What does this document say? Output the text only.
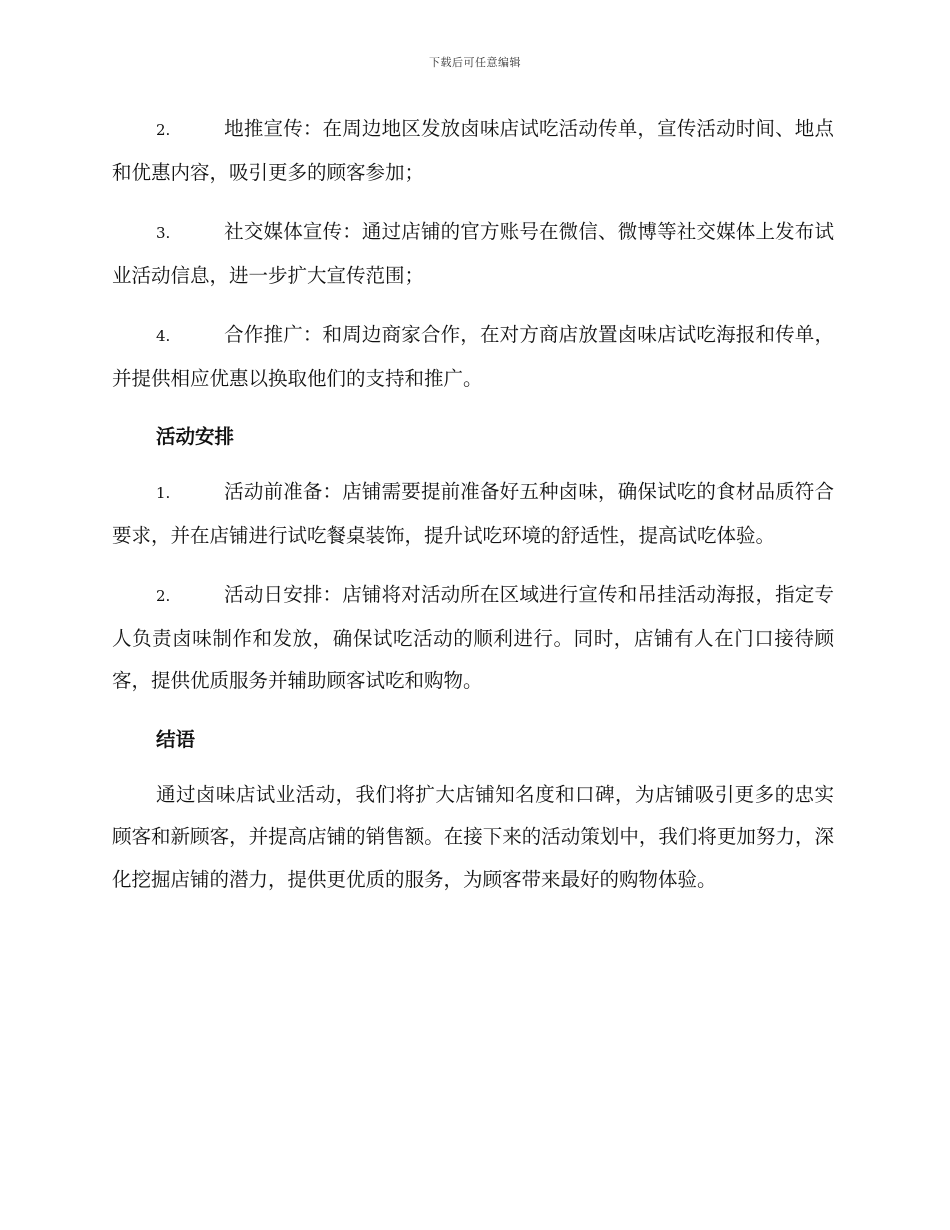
下载后可任意编辑

2.	地推宣传：在周边地区发放卤味店试吃活动传单，宣传活动时间、地点和优惠内容，吸引更多的顾客参加；

3.	社交媒体宣传：通过店铺的官方账号在微信、微博等社交媒体上发布试业活动信息，进一步扩大宣传范围；

4.	合作推广：和周边商家合作，在对方商店放置卤味店试吃海报和传单，并提供相应优惠以换取他们的支持和推广。

活动安排

1.	活动前准备：店铺需要提前准备好五种卤味，确保试吃的食材品质符合要求，并在店铺进行试吃餐桌装饰，提升试吃环境的舒适性，提高试吃体验。

2.	活动日安排：店铺将对活动所在区域进行宣传和吊挂活动海报，指定专人负责卤味制作和发放，确保试吃活动的顺利进行。同时，店铺有人在门口接待顾客，提供优质服务并辅助顾客试吃和购物。

结语

通过卤味店试业活动，我们将扩大店铺知名度和口碑，为店铺吸引更多的忠实顾客和新顾客，并提高店铺的销售额。在接下来的活动策划中，我们将更加努力，深化挖掘店铺的潜力，提供更优质的服务，为顾客带来最好的购物体验。
